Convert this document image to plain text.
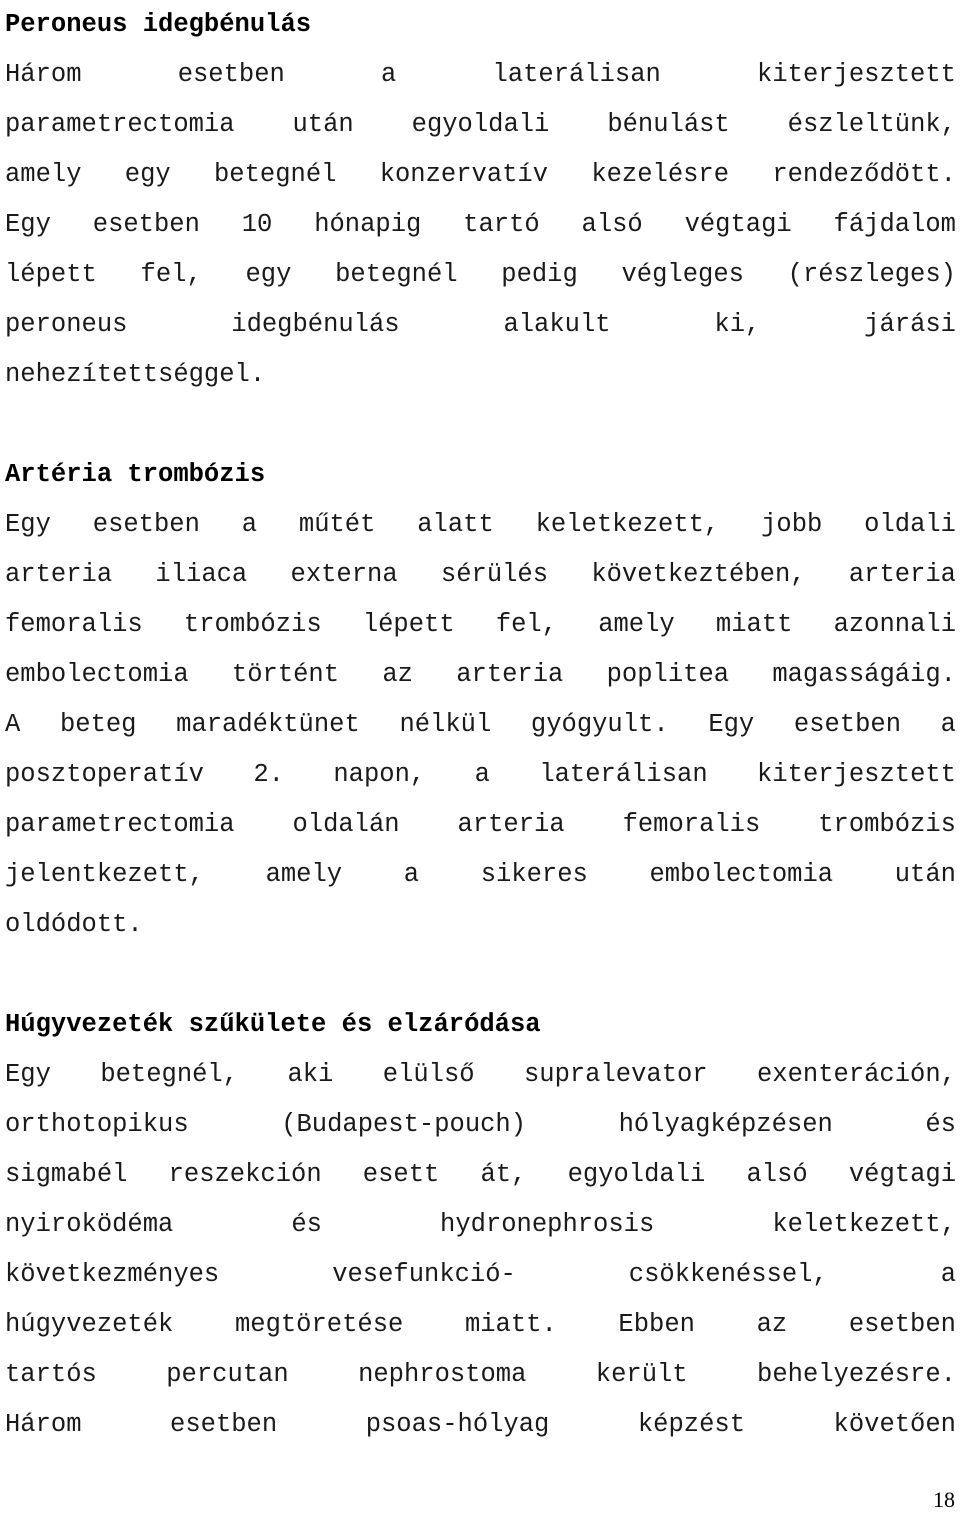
Peroneus idegbénulás
Három	esetben	a	laterálisan	kiterjesztett
parametrectomia után egyoldali bénulást észleltünk,
amely egy betegnél konzervatív kezelésre rendeződött.
Egy esetben 10 hónapig tartó alsó végtagi fájdalom
lépett fel, egy betegnél pedig végleges (részleges)
peroneus	idegbénulás	alakult	ki,	járási
nehezítettséggel.
Artéria trombózis
Egy esetben a műtét alatt keletkezett, jobb oldali
arteria iliaca externa sérülés következtében, arteria
femoralis trombózis lépett fel, amely miatt azonnali
embolectomia történt az arteria poplitea magasságáig.
A beteg maradéktünet nélkül gyógyult. Egy esetben a
posztoperatív 2. napon, a laterálisan kiterjesztett
parametrectomia oldalán arteria femoralis trombózis
jelentkezett, amely a sikeres embolectomia után
oldódott.
Húgyvezeték szűkülete és elzáródása
Egy betegnél, aki elülső supralevator exenteráción,
orthotopikus	(Budapest-pouch)	hólyagképzésen	és
sigmabél reszekción esett át, egyoldali alsó végtagi
nyiroködéma	és	hydronephrosis	keletkezett,
következményes	vesefunkció-	csökkenéssel,	a
húgyvezeték megtöretése miatt. Ebben az esetben
tartós	percutan	nephrostoma	került	behelyezésre.
Három	esetben	psoas-hólyag	képzést	követően
18
